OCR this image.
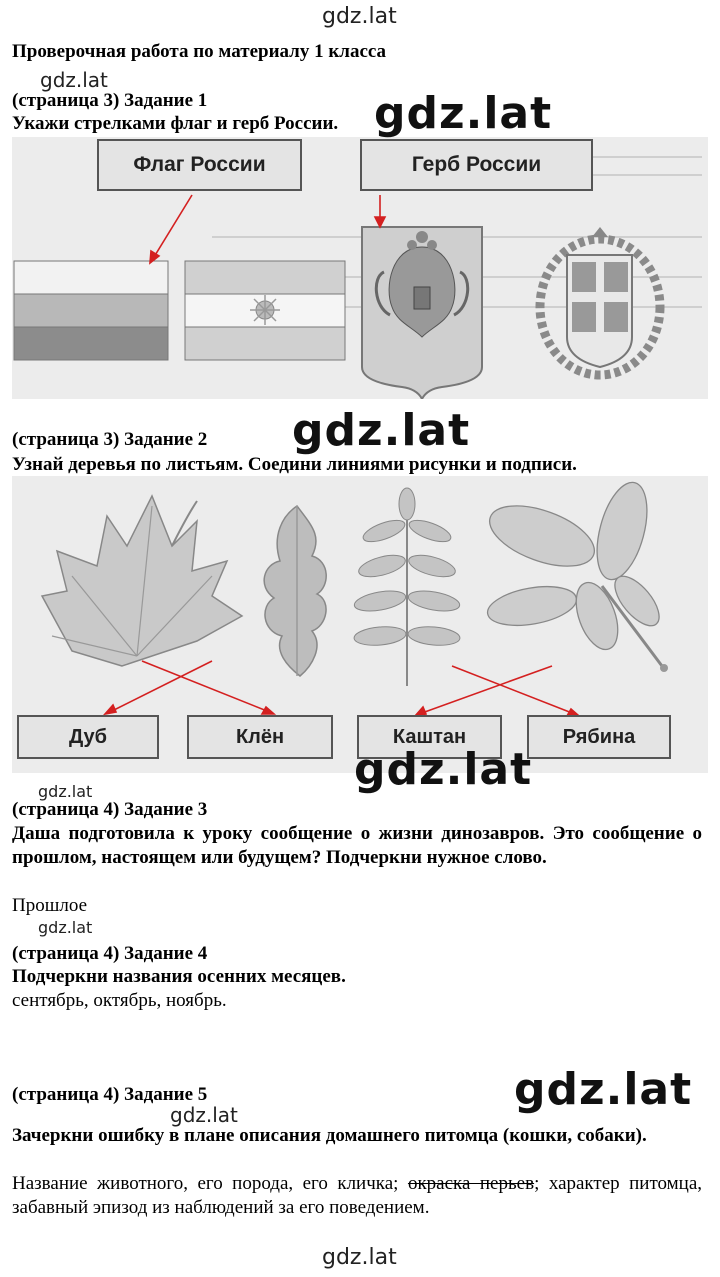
gdz.lat
gdz.lat
gdz.lat
gdz.lat
gdz.lat
gdz.lat
Проверочная работа по материалу 1 класса
(страница 3) Задание 1
Укажи стрелками флаг и герб России.
Флаг России	Герб России
gdz.lat
(страница 3) Задание 2
Узнай деревья по листьям. Соедини линиями рисунки и подписи.
gdz.lat
Дуб	Клён	Каштан	Рябина
gdz.lat
(страница 4) Задание 3
Даша подготовила к уроку сообщение о жизни динозавров. Это сообщение о прошлом, настоящем или будущем? Подчеркни нужное слово.
Прошлое
(страница 4) Задание 4
Подчеркни названия осенних месяцев.
сентябрь, октябрь, ноябрь.
(страница 4) Задание 5	gdz.lat
Зачеркни ошибку в плане описания домашнего питомца (кошки, собаки).
Название животного, его порода, его кличка; окраска перьев; характер питомца, забавный эпизод из наблюдений за его поведением.
